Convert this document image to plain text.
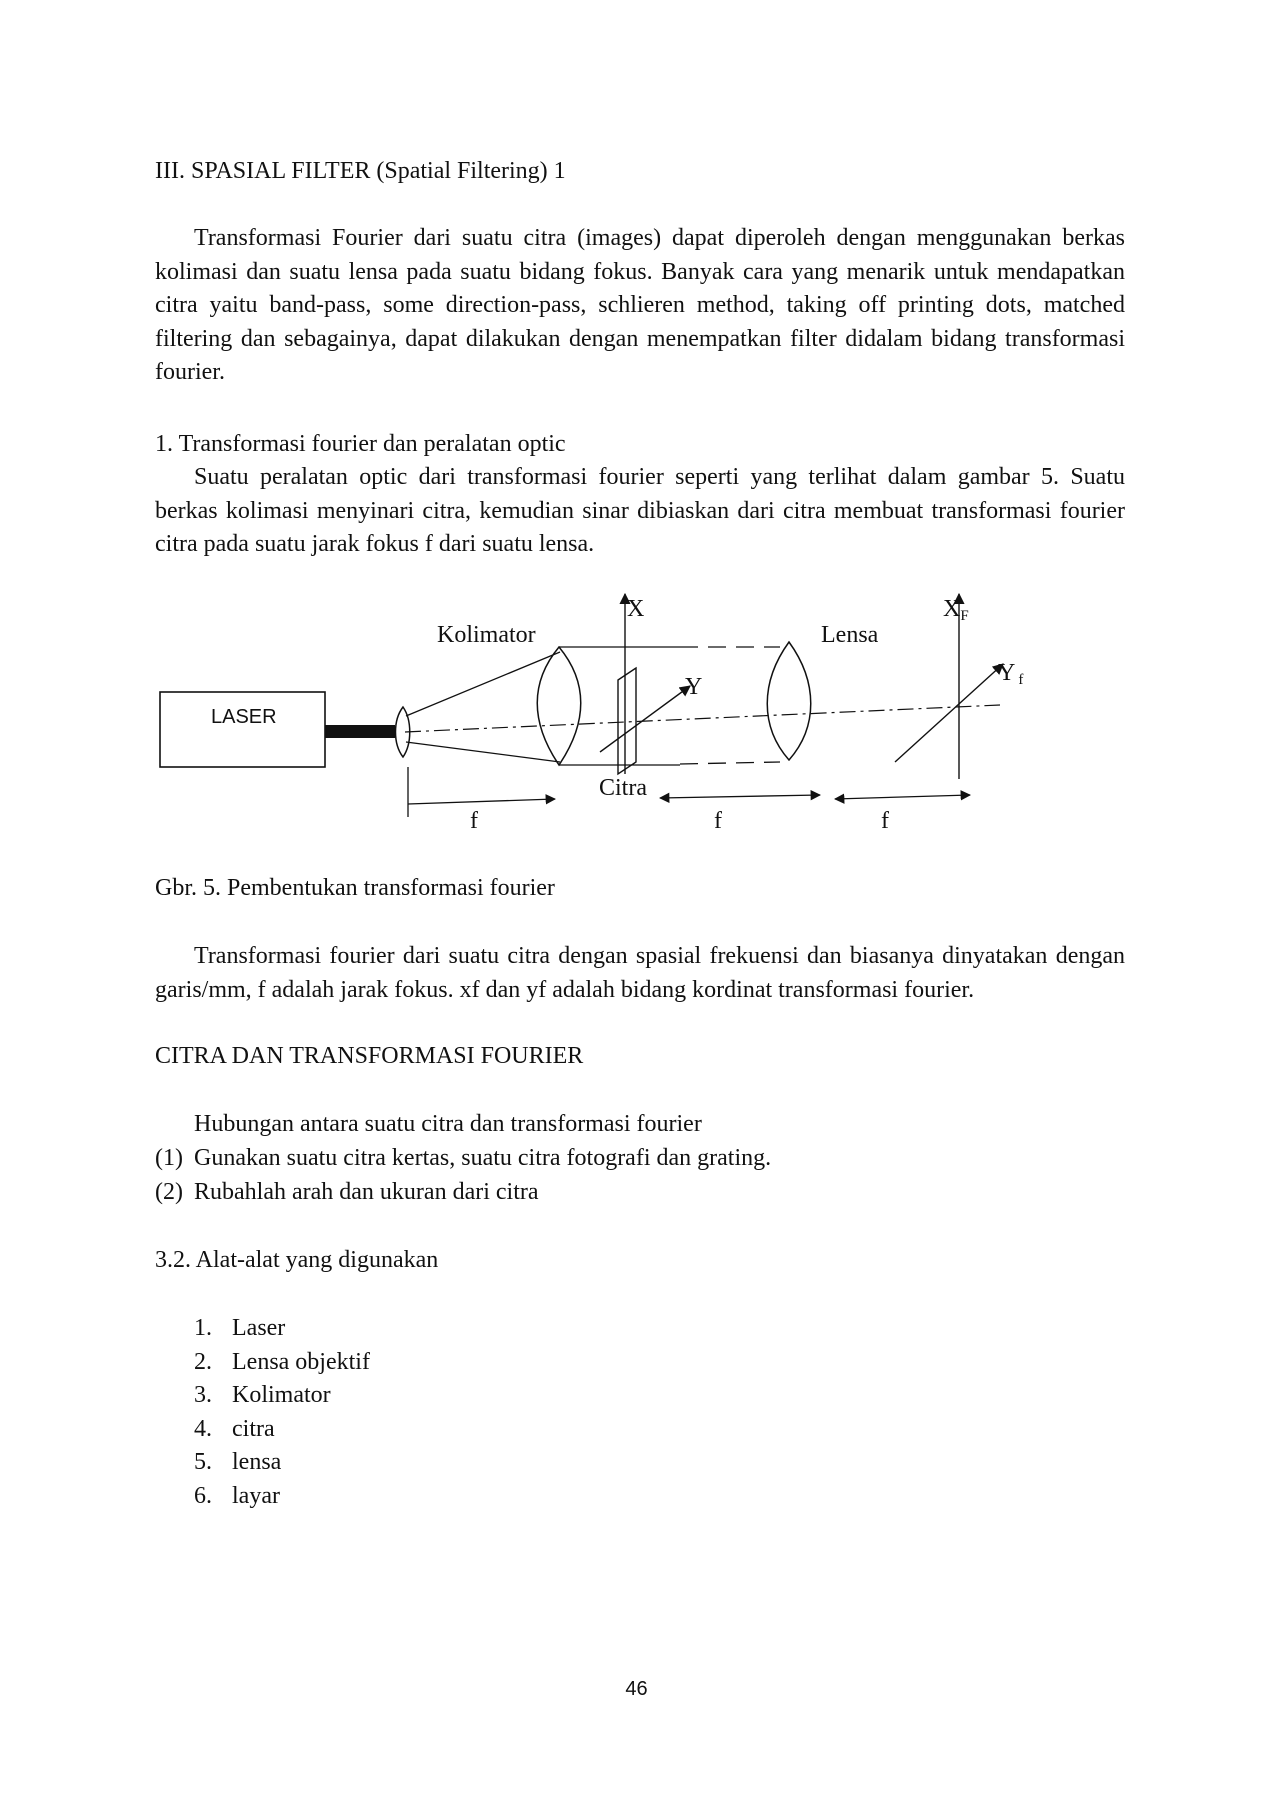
III. SPASIAL FILTER (Spatial Filtering) 1

Transformasi Fourier dari suatu citra (images) dapat diperoleh dengan menggunakan berkas kolimasi dan suatu lensa pada suatu bidang fokus. Banyak cara yang menarik untuk mendapatkan citra yaitu band-pass, some direction-pass, schlieren method, taking off printing dots, matched filtering dan sebagainya, dapat dilakukan dengan menempatkan filter didalam bidang transformasi fourier.

1. Transformasi fourier dan peralatan optic

Suatu peralatan optic dari transformasi fourier seperti yang terlihat dalam gambar 5. Suatu berkas kolimasi menyinari citra, kemudian sinar dibiaskan dari citra membuat transformasi fourier citra pada suatu jarak fokus f dari suatu lensa.

LASER
X
Y
XF
Yf
Kolimator	Lensa
Citra
f	f	f
Gbr. 5. Pembentukan transformasi fourier

Transformasi fourier dari suatu citra dengan spasial frekuensi dan biasanya dinyatakan dengan garis/mm, f adalah jarak fokus. xf dan yf adalah bidang kordinat transformasi fourier.

CITRA DAN TRANSFORMASI FOURIER
Hubungan antara suatu citra dan transformasi fourier
(1) Gunakan suatu citra kertas, suatu citra fotografi dan grating.
(2) Rubahlah arah dan ukuran dari citra
3.2. Alat-alat yang digunakan
1. Laser
2. Lensa objektif
3. Kolimator
4. citra
5. lensa
6. layar
46
